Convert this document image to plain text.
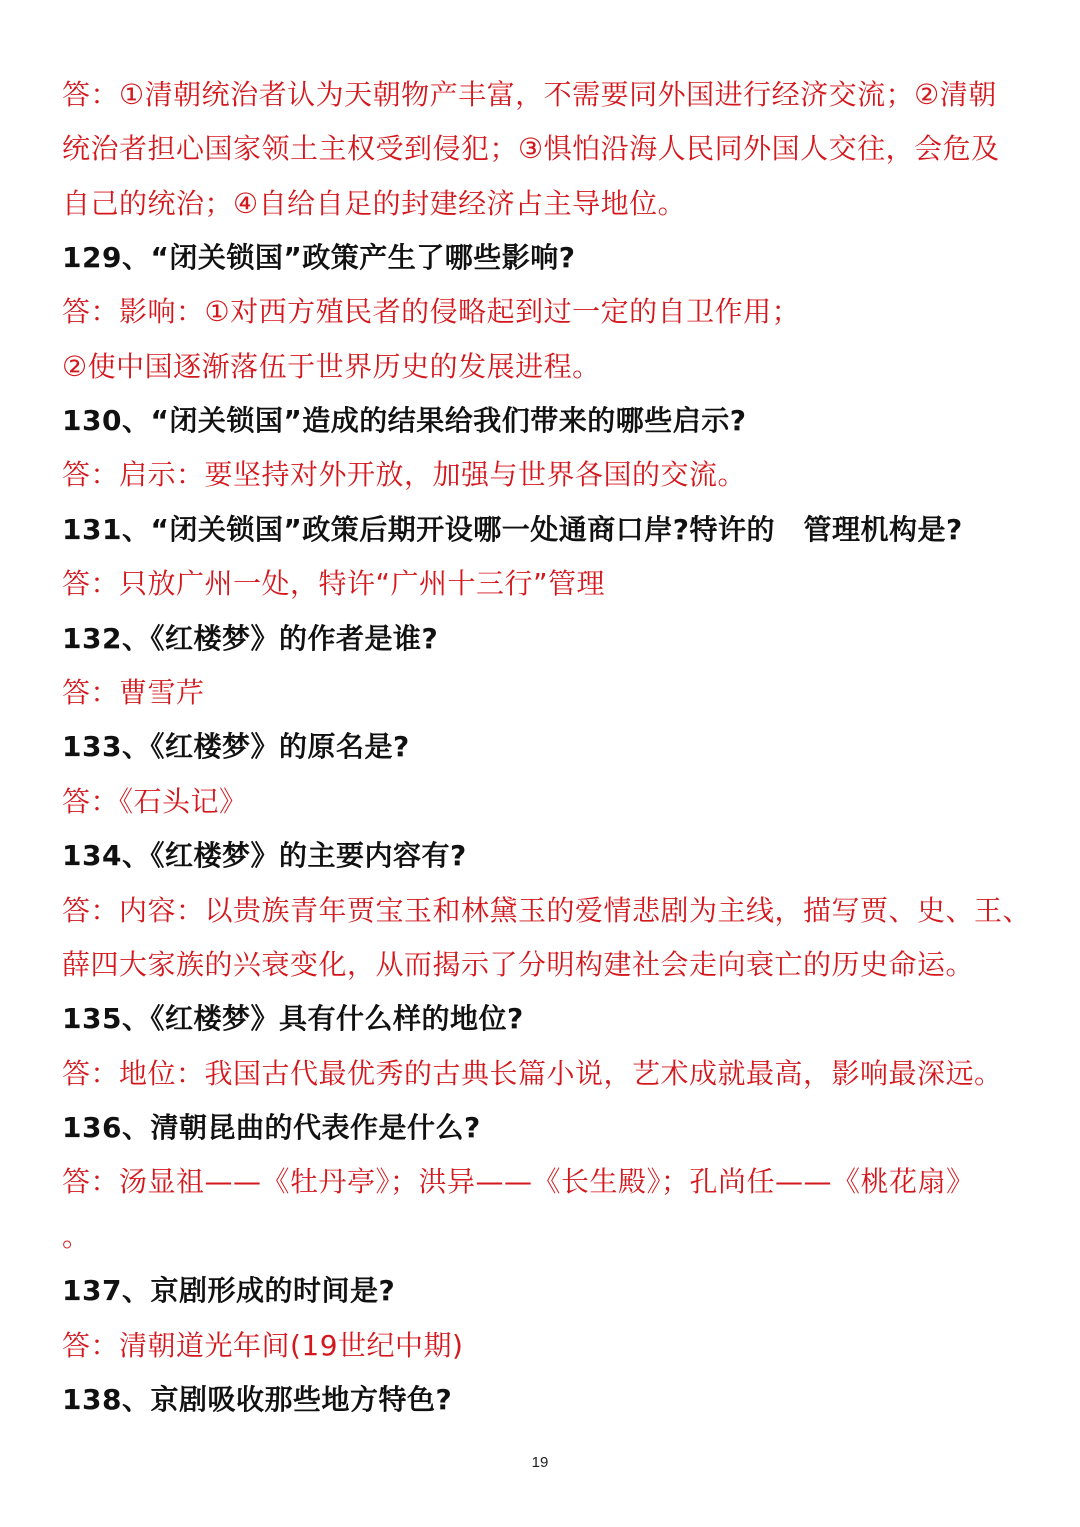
答：①清朝统治者认为天朝物产丰富，不需要同外国进行经济交流；②清朝
统治者担心国家领土主权受到侵犯；③惧怕沿海人民同外国人交往，会危及
自己的统治；④自给自足的封建经济占主导地位。
129、“闭关锁国”政策产生了哪些影响?
答：影响：①对西方殖民者的侵略起到过一定的自卫作用；
②使中国逐渐落伍于世界历史的发展进程。
130、“闭关锁国”造成的结果给我们带来的哪些启示?
答：启示：要坚持对外开放，加强与世界各国的交流。
131、“闭关锁国”政策后期开设哪一处通商口岸?特许的　管理机构是?
答：只放广州一处，特许“广州十三行”管理
132、《红楼梦》的作者是谁?
答：曹雪芹
133、《红楼梦》的原名是?
答：《石头记》
134、《红楼梦》的主要内容有?
答：内容：以贵族青年贾宝玉和林黛玉的爱情悲剧为主线，描写贾、史、王、
薛四大家族的兴衰变化，从而揭示了分明构建社会走向衰亡的历史命运。
135、《红楼梦》具有什么样的地位?
答：地位：我国古代最优秀的古典长篇小说，艺术成就最高，影响最深远。
136、清朝昆曲的代表作是什么?
答：汤显祖——《牡丹亭》；洪异——《长生殿》；孔尚任——《桃花扇》
。
137、京剧形成的时间是?
答：清朝道光年间(19世纪中期)
138、京剧吸收那些地方特色?
19
